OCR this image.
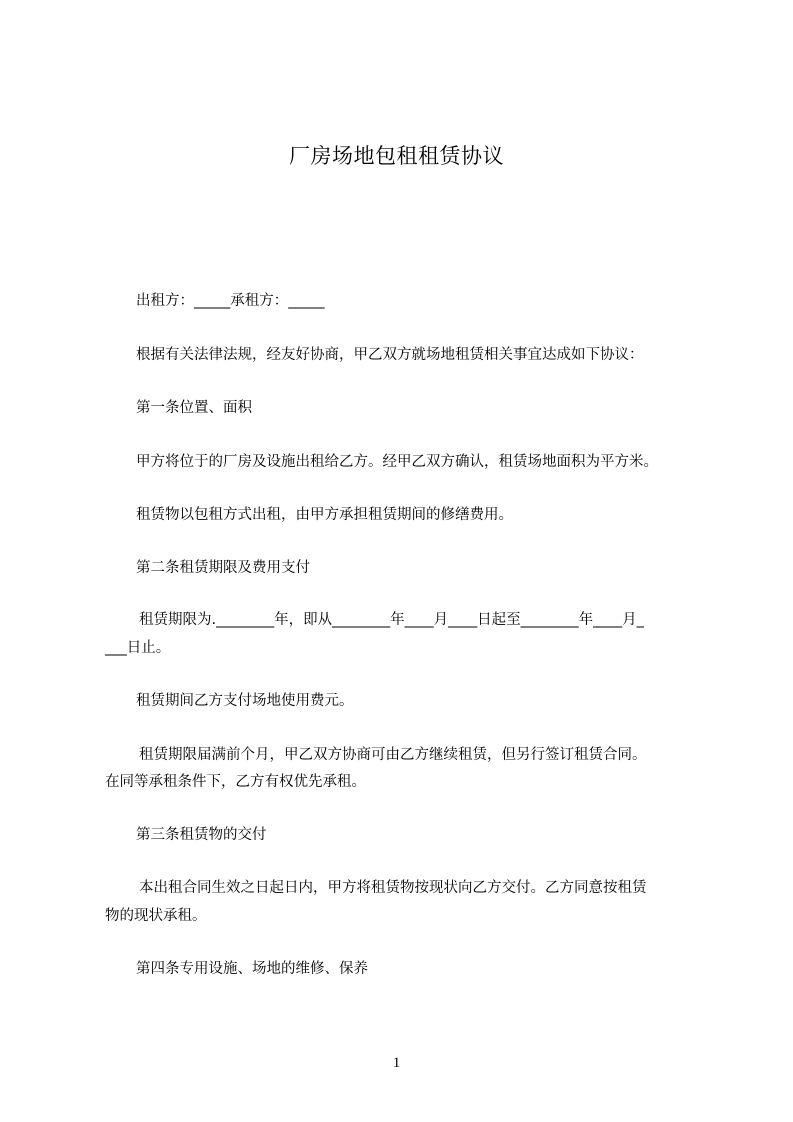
厂房场地包租租赁协议
出租方：_____承租方：_____
根据有关法律法规，经友好协商，甲乙双方就场地租赁相关事宜达成如下协议：
第一条位置、面积
甲方将位于的厂房及设施出租给乙方。经甲乙双方确认，租赁场地面积为平方米。
租赁物以包租方式出租，由甲方承担租赁期间的修缮费用。
第二条租赁期限及费用支付
租赁期限为.________年，即从________年____月____日起至________年____月_
___日止。
租赁期间乙方支付场地使用费元。
租赁期限届满前个月，甲乙双方协商可由乙方继续租赁，但另行签订租赁合同。
在同等承租条件下，乙方有权优先承租。
第三条租赁物的交付
本出租合同生效之日起日内，甲方将租赁物按现状向乙方交付。乙方同意按租赁
物的现状承租。
第四条专用设施、场地的维修、保养
1
